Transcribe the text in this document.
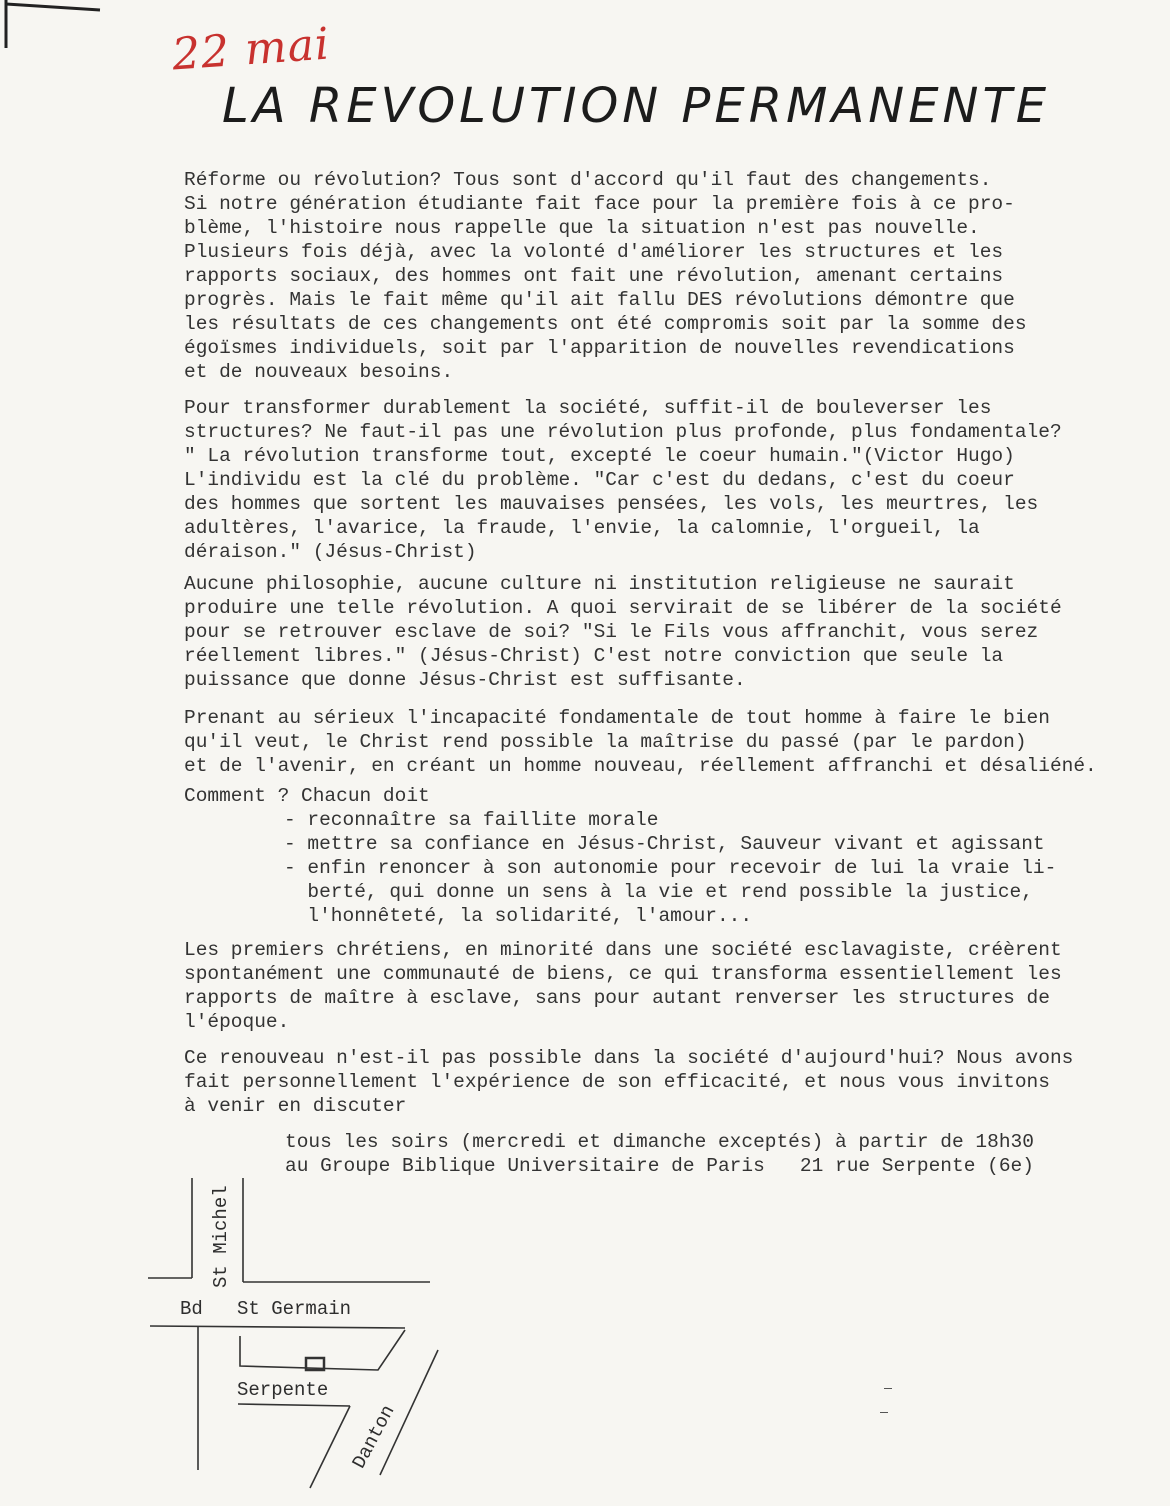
22 mai
LA REVOLUTION PERMANENTE
Réforme ou révolution? Tous sont d'accord qu'il faut des changements.
Si notre génération étudiante fait face pour la première fois à ce pro-
blème, l'histoire nous rappelle que la situation n'est pas nouvelle.
Plusieurs fois déjà, avec la volonté d'améliorer les structures et les
rapports sociaux, des hommes ont fait une révolution, amenant certains
progrès. Mais le fait même qu'il ait fallu DES révolutions démontre que
les résultats de ces changements ont été compromis soit par la somme des
égoïsmes individuels, soit par l'apparition de nouvelles revendications
et de nouveaux besoins.
Pour transformer durablement la société, suffit-il de bouleverser les
structures? Ne faut-il pas une révolution plus profonde, plus fondamentale?
" La révolution transforme tout, excepté le coeur humain."(Victor Hugo)
L'individu est la clé du problème. "Car c'est du dedans, c'est du coeur
des hommes que sortent les mauvaises pensées, les vols, les meurtres, les
adultères, l'avarice, la fraude, l'envie, la calomnie, l'orgueil, la
déraison." (Jésus-Christ)
Aucune philosophie, aucune culture ni institution religieuse ne saurait
produire une telle révolution. A quoi servirait de se libérer de la société
pour se retrouver esclave de soi? "Si le Fils vous affranchit, vous serez
réellement libres." (Jésus-Christ) C'est notre conviction que seule la
puissance que donne Jésus-Christ est suffisante.
Prenant au sérieux l'incapacité fondamentale de tout homme à faire le bien
qu'il veut, le Christ rend possible la maîtrise du passé (par le pardon)
et de l'avenir, en créant un homme nouveau, réellement affranchi et désaliéné.
Comment ? Chacun doit
- reconnaître sa faillite morale
- mettre sa confiance en Jésus-Christ, Sauveur vivant et agissant
- enfin renoncer à son autonomie pour recevoir de lui la vraie li-
berté, qui donne un sens à la vie et rend possible la justice,
l'honnêteté, la solidarité, l'amour...
Les premiers chrétiens, en minorité dans une société esclavagiste, créèrent
spontanément une communauté de biens, ce qui transforma essentiellement les
rapports de maître à esclave, sans pour autant renverser les structures de
l'époque.
Ce renouveau n'est-il pas possible dans la société d'aujourd'hui? Nous avons
fait personnellement l'expérience de son efficacité, et nous vous invitons
à venir en discuter
tous les soirs (mercredi et dimanche exceptés) à partir de 18h30
au Groupe Biblique Universitaire de Paris   21 rue Serpente (6e)
St Michel
Bd St Germain
Serpente
Danton
